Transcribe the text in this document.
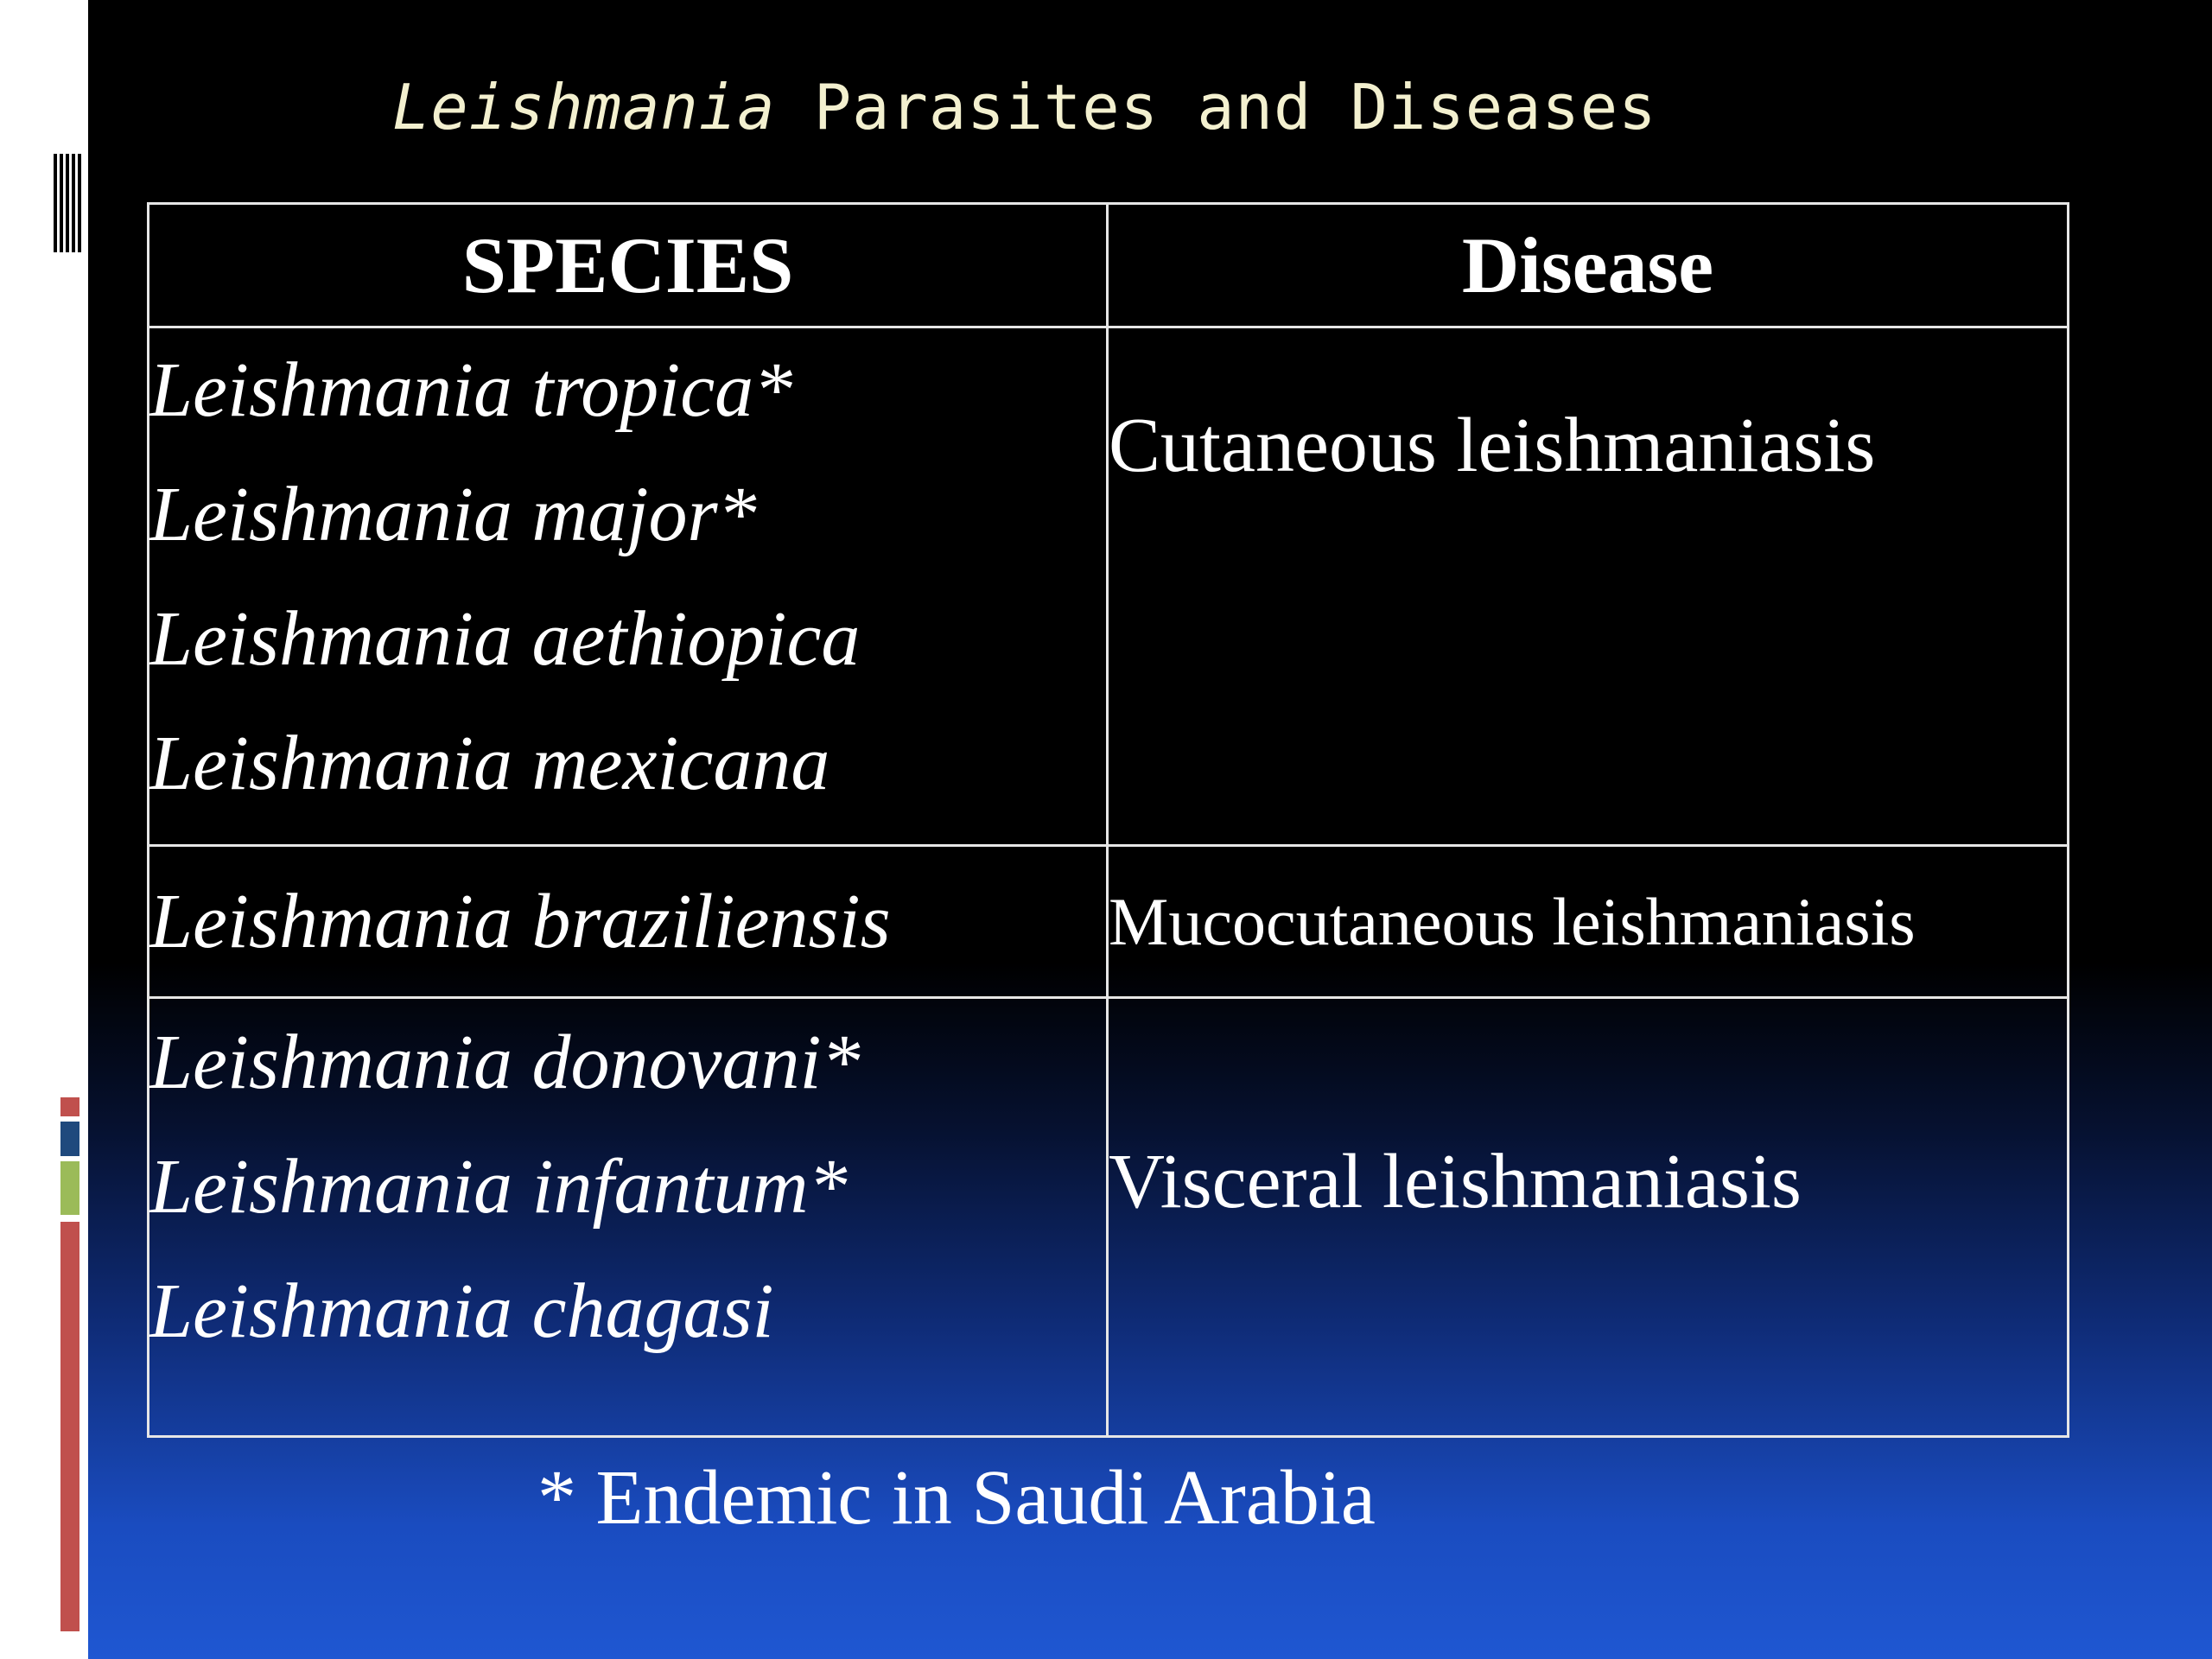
Leishmania Parasites and Diseases
SPECIES	Disease

Leishmania tropica*
Leishmania major*
Leishmania aethiopica
Leishmania mexicana	Cutaneous leishmaniasis

Leishmania braziliensis	Mucocutaneous leishmaniasis

Leishmania donovani*
Leishmania infantum*
Leishmania chagasi	Visceral leishmaniasis

* Endemic in Saudi Arabia
